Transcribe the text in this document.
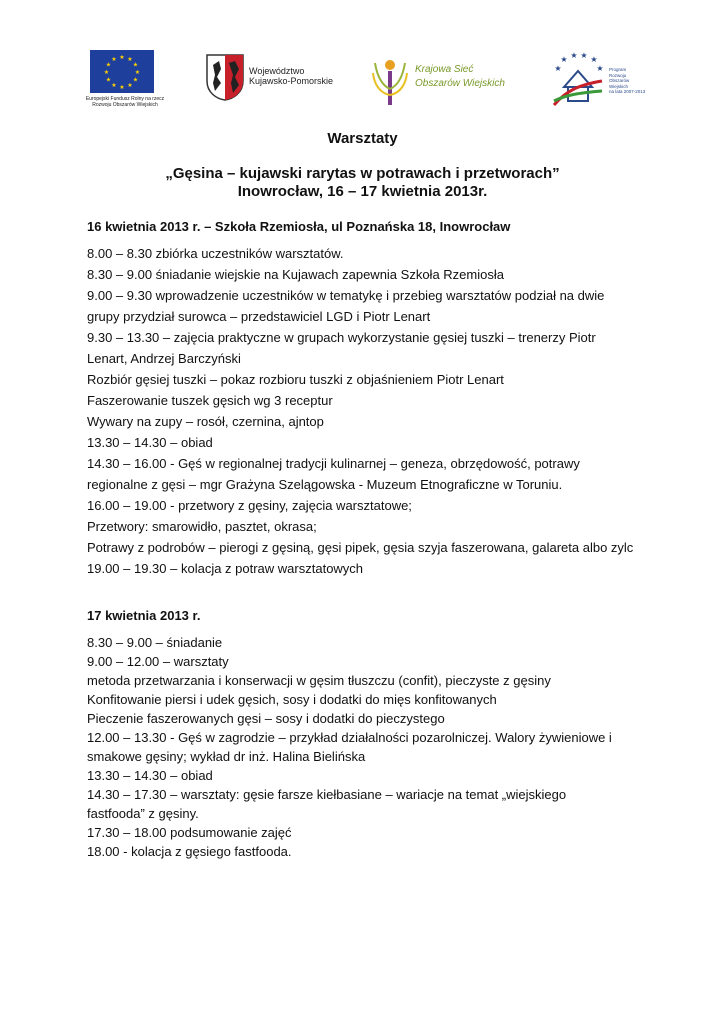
★ ★
★
★
★
★
★
★
★
★
★
★
Europejski Fundusz Rolny na rzecz
Rozwoju Obszarów Wiejskich
Województwo
Kujawsko-Pomorskie
Krajowa Sieć
Obszarów Wiejskich
★
★ ★ ★ ★
★ Program
Rozwoju
Obszarów
Wiejskich
na lata 2007-2013
Warsztaty
„Gęsina – kujawski rarytas w potrawach i przetworach”
Inowrocław, 16 – 17 kwietnia 2013r.
16 kwietnia 2013 r. – Szkoła Rzemiosła, ul Poznańska 18, Inowrocław
8.00 – 8.30 zbiórka uczestników warsztatów.
8.30 – 9.00 śniadanie wiejskie na Kujawach zapewnia Szkoła Rzemiosła
9.00 – 9.30 wprowadzenie uczestników w tematykę i przebieg warsztatów podział na dwie
grupy przydział surowca – przedstawiciel LGD i Piotr Lenart
9.30 – 13.30 – zajęcia praktyczne w grupach wykorzystanie gęsiej tuszki – trenerzy Piotr
Lenart, Andrzej Barczyński
Rozbiór gęsiej tuszki – pokaz rozbioru tuszki z objaśnieniem Piotr Lenart
Faszerowanie tuszek gęsich wg 3 receptur
Wywary na zupy – rosół, czernina, ajntop
13.30 – 14.30 – obiad
14.30 – 16.00 - Gęś w regionalnej tradycji kulinarnej – geneza, obrzędowość, potrawy
regionalne z gęsi – mgr Grażyna Szelągowska - Muzeum Etnograficzne w Toruniu.
16.00 – 19.00 - przetwory z gęsiny, zajęcia warsztatowe;
Przetwory: smarowidło, pasztet, okrasa;
Potrawy z podrobów – pierogi z gęsiną, gęsi pipek, gęsia szyja faszerowana, galareta albo zylc
19.00 – 19.30 – kolacja z potraw warsztatowych
17 kwietnia 2013 r.
8.30 – 9.00 – śniadanie
9.00 – 12.00 – warsztaty
metoda przetwarzania i konserwacji w gęsim tłuszczu (confit), pieczyste z gęsiny
Konfitowanie piersi i udek gęsich, sosy i dodatki do mięs konfitowanych
Pieczenie faszerowanych gęsi – sosy i dodatki do pieczystego
12.00 – 13.30 - Gęś w zagrodzie – przykład działalności pozarolniczej. Walory żywieniowe i
smakowe gęsiny; wykład dr inż. Halina Bielińska
13.30 – 14.30 – obiad
14.30 – 17.30 – warsztaty: gęsie farsze kiełbasiane – wariacje na temat „wiejskiego
fastfooda” z gęsiny.
17.30 – 18.00 podsumowanie zajęć
18.00 - kolacja z gęsiego fastfooda.
